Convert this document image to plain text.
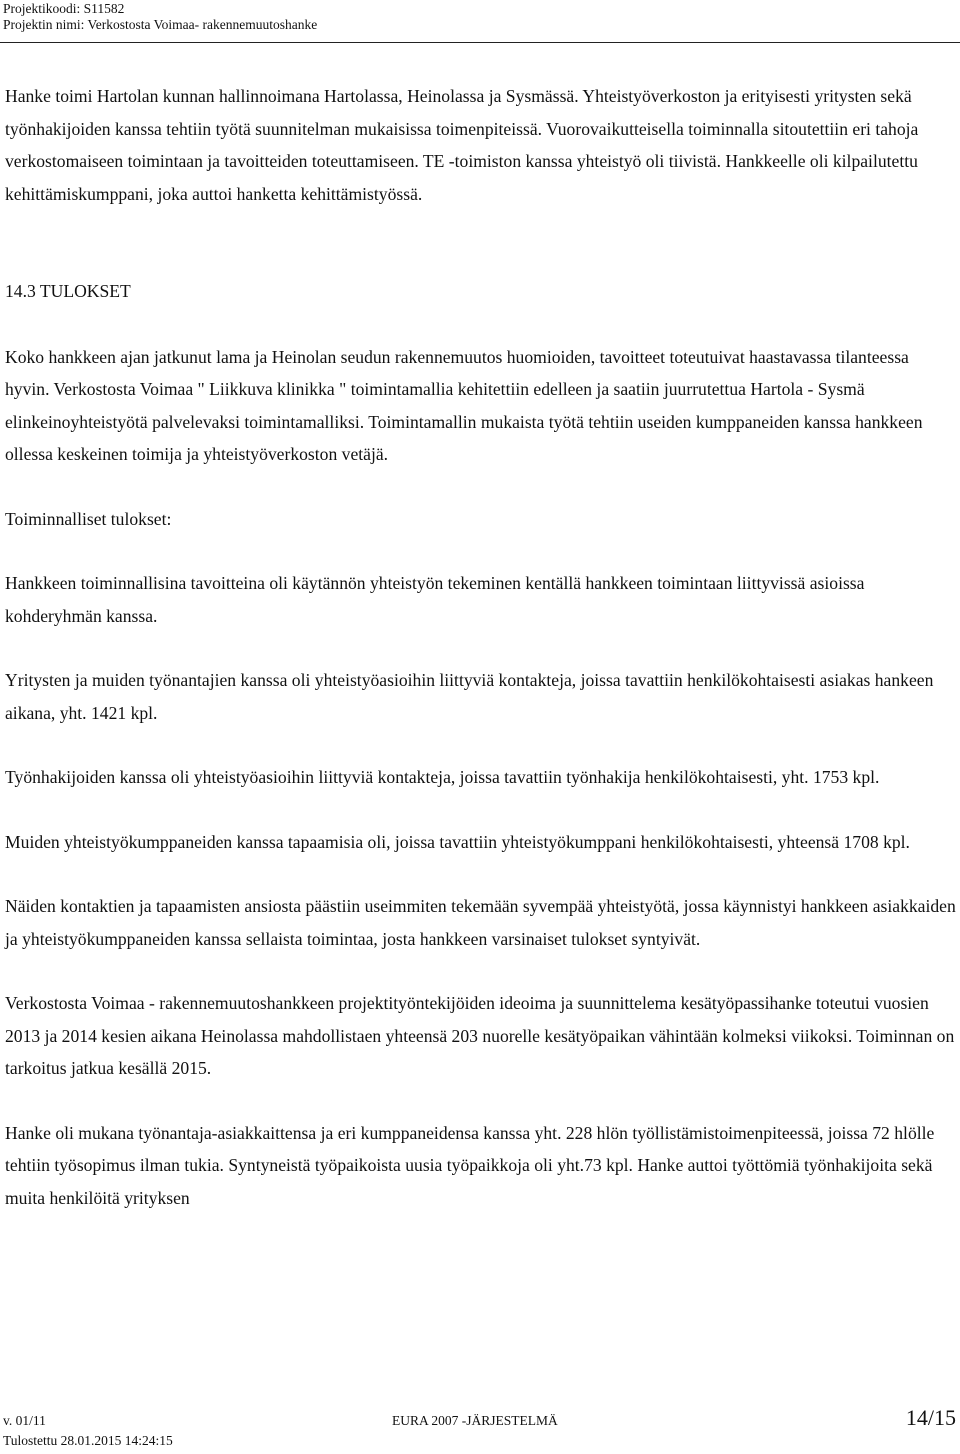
Projektikoodi: S11582
Projektin nimi: Verkostosta Voimaa- rakennemuutoshanke

Hanke toimi Hartolan kunnan hallinnoimana Hartolassa, Heinolassa ja Sysmässä. Yhteistyöverkoston ja erityisesti yritysten sekä työnhakijoiden kanssa tehtiin työtä suunnitelman mukaisissa toimenpiteissä. Vuorovaikutteisella toiminnalla sitoutettiin eri tahoja verkostomaiseen toimintaan ja tavoitteiden toteuttamiseen. TE -toimiston kanssa yhteistyö oli tiivistä. Hankkeelle oli kilpailutettu kehittämiskumppani, joka auttoi hanketta kehittämistyössä.

14.3 TULOKSET

Koko hankkeen ajan jatkunut lama ja Heinolan seudun rakennemuutos huomioiden, tavoitteet toteutuivat haastavassa tilanteessa hyvin. Verkostosta Voimaa " Liikkuva klinikka " toimintamallia kehitettiin edelleen ja saatiin juurrutettua Hartola - Sysmä elinkeinoyhteistyötä palvelevaksi toimintamalliksi. Toimintamallin mukaista työtä tehtiin useiden kumppaneiden kanssa hankkeen ollessa keskeinen toimija ja yhteistyöverkoston vetäjä.

Toiminnalliset tulokset:

Hankkeen toiminnallisina tavoitteina oli käytännön yhteistyön tekeminen kentällä hankkeen toimintaan liittyvissä asioissa kohderyhmän kanssa.

Yritysten ja muiden työnantajien kanssa oli yhteistyöasioihin liittyviä kontakteja, joissa tavattiin henkilökohtaisesti asiakas hankeen aikana, yht. 1421 kpl.

Työnhakijoiden kanssa oli yhteistyöasioihin liittyviä kontakteja, joissa tavattiin työnhakija henkilökohtaisesti, yht. 1753 kpl.

Muiden yhteistyökumppaneiden kanssa tapaamisia oli, joissa tavattiin yhteistyökumppani henkilökohtaisesti, yhteensä 1708 kpl.

Näiden kontaktien ja tapaamisten ansiosta päästiin useimmiten tekemään syvempää yhteistyötä, jossa käynnistyi hankkeen asiakkaiden ja yhteistyökumppaneiden kanssa sellaista toimintaa, josta hankkeen varsinaiset tulokset syntyivät.

Verkostosta Voimaa - rakennemuutoshankkeen projektityöntekijöiden ideoima ja suunnittelema kesätyöpassihanke toteutui vuosien 2013 ja 2014 kesien aikana Heinolassa mahdollistaen yhteensä 203 nuorelle kesätyöpaikan vähintään kolmeksi viikoksi. Toiminnan on tarkoitus jatkua kesällä 2015.

Hanke oli mukana työnantaja-asiakkaittensa ja eri kumppaneidensa kanssa yht. 228 hlön työllistämistoimenpiteessä, joissa 72 hlölle tehtiin työsopimus ilman tukia. Syntyneistä työpaikoista uusia työpaikkoja oli yht.73 kpl. Hanke auttoi työttömiä työnhakijoita sekä muita henkilöitä yrityksen

v. 01/11
Tulostettu 28.01.2015 14:24:15
EURA 2007 -JÄRJESTELMÄ	14/15
